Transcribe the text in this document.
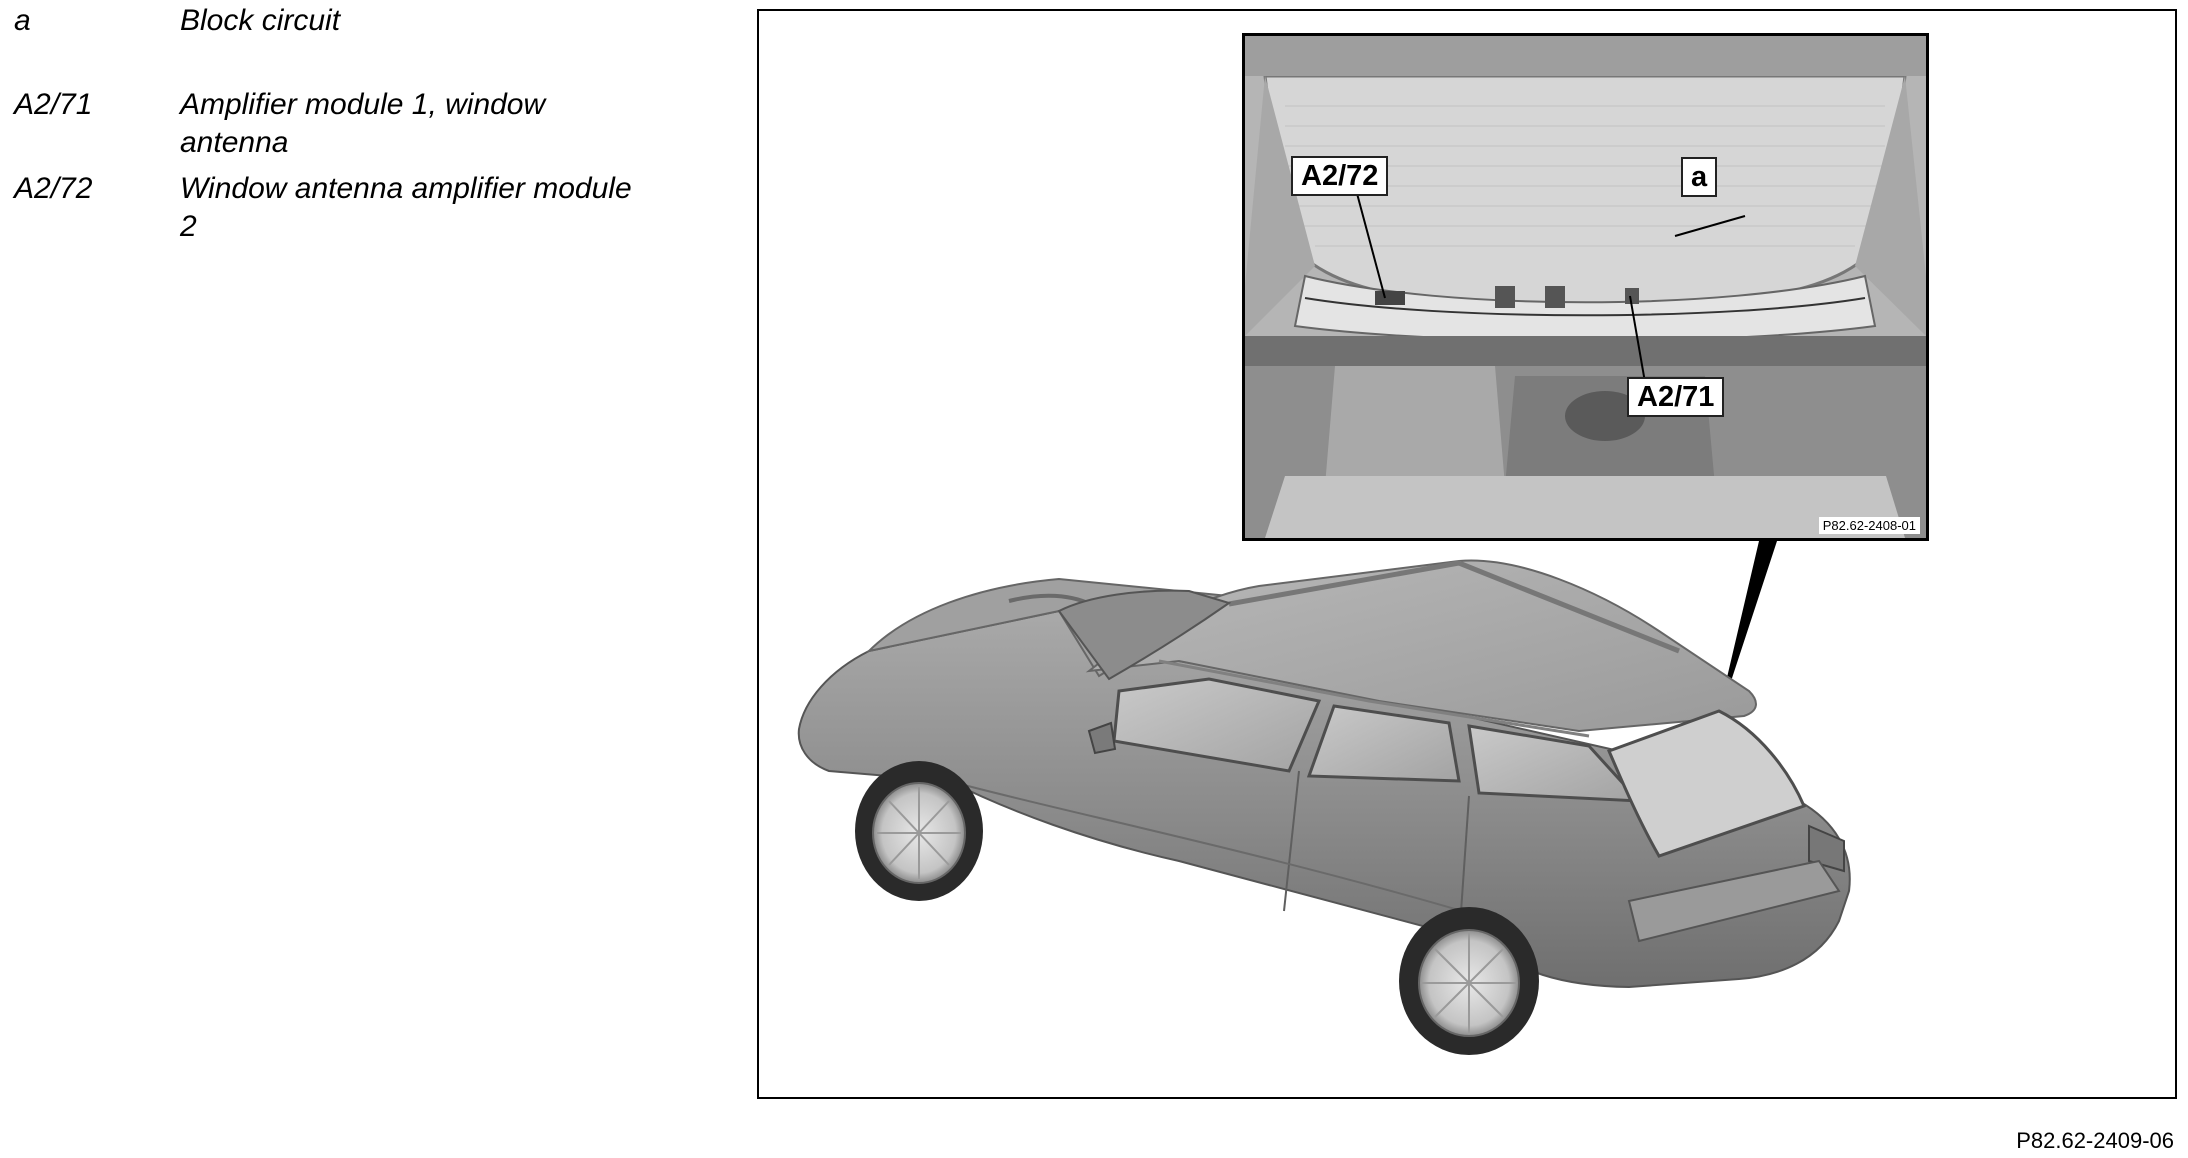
a	Block circuit
A2/71	Amplifier module 1, window antenna
A2/72	Window antenna amplifier module 2
A2/72	a
A2/71
P82.62-2408-01
P82.62-2409-06
